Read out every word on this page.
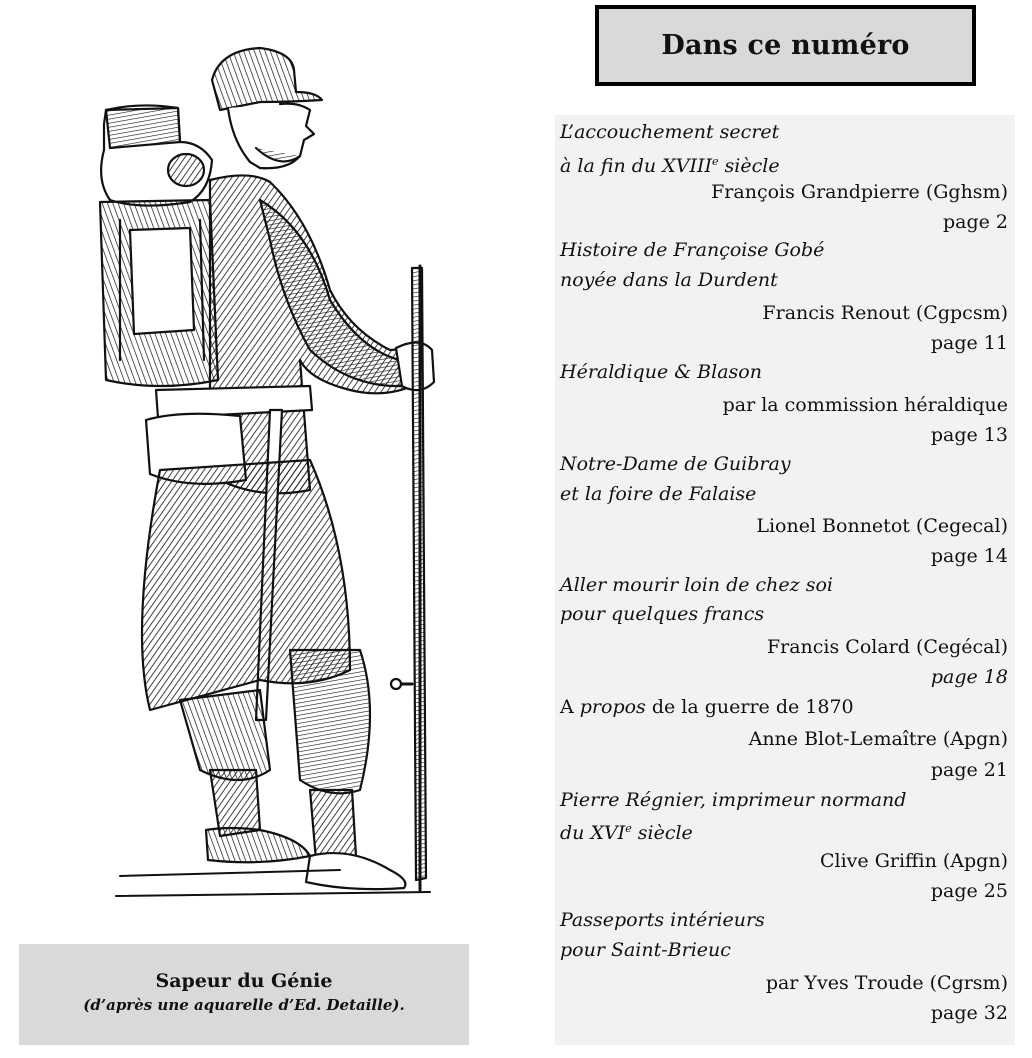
Sapeur du Génie
(d’après une aquarelle d’Ed. Detaille).
Dans ce numéro
L’accouchement secret
à la fin du XVIIIe siècle
François Grandpierre (Gghsm)
page 2
Histoire de Françoise Gobé
noyée dans la Durdent
Francis Renout (Cgpcsm)
page 11
Héraldique & Blason
par la commission héraldique
page 13
Notre-Dame de Guibray
et la foire de Falaise
Lionel Bonnetot (Cegecal)
page 14
Aller mourir loin de chez soi
pour quelques francs
Francis Colard (Cegécal)
page 18
A propos de la guerre de 1870
Anne Blot-Lemaître (Apgn)
page 21
Pierre Régnier, imprimeur normand
du XVIe siècle
Clive Griffin (Apgn)
page 25
Passeports intérieurs
pour Saint-Brieuc
par Yves Troude (Cgrsm)
page 32
